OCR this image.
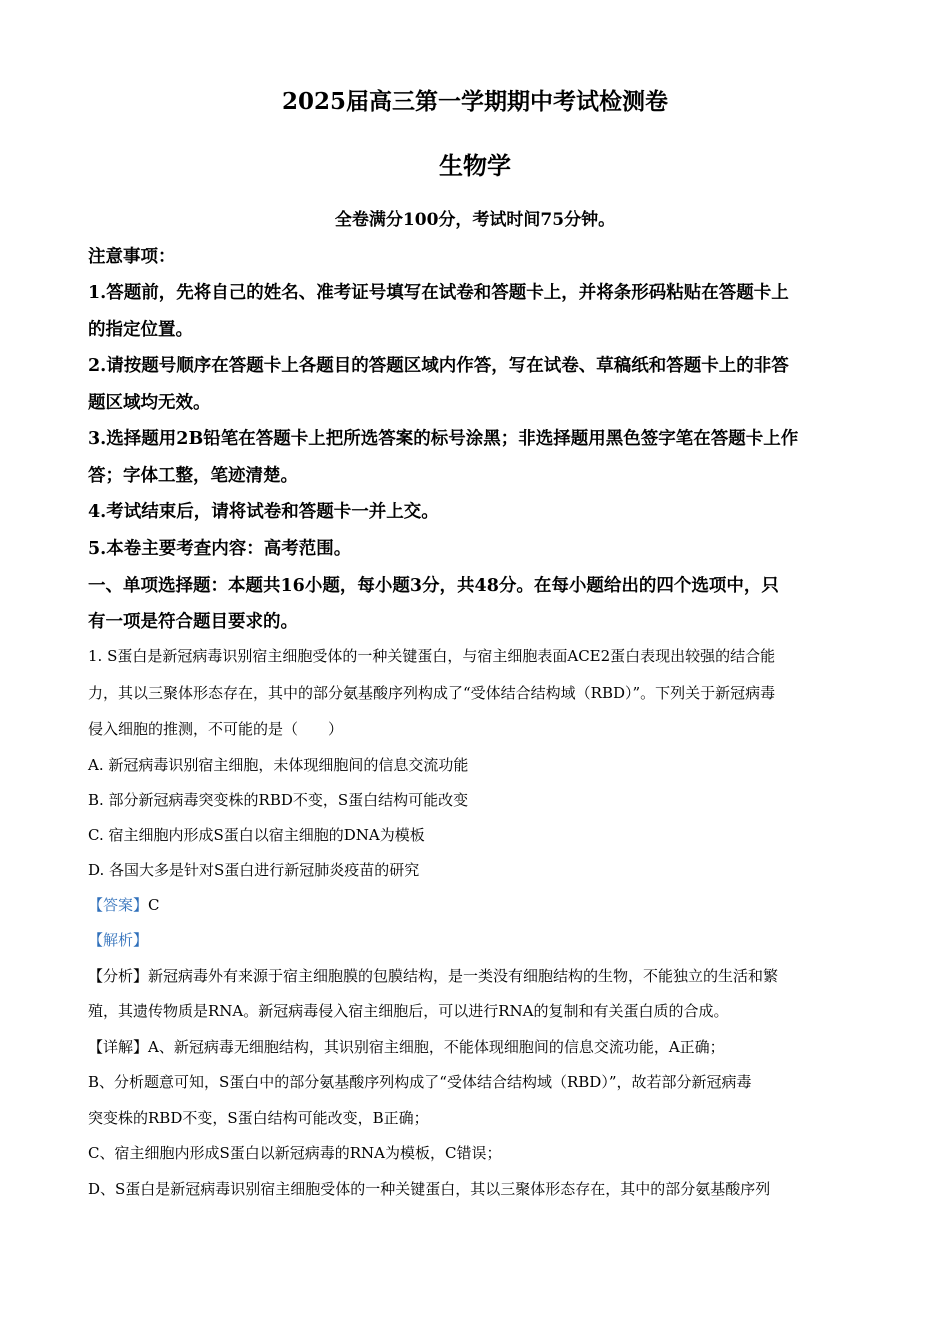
2025届高三第一学期期中考试检测卷
生物学

全卷满分100分，考试时间75分钟。

注意事项：

1.答题前，先将自己的姓名、准考证号填写在试卷和答题卡上，并将条形码粘贴在答题卡上

的指定位置。

2.请按题号顺序在答题卡上各题目的答题区域内作答，写在试卷、草稿纸和答题卡上的非答

题区域均无效。

3.选择题用2B铅笔在答题卡上把所选答案的标号涂黑；非选择题用黑色签字笔在答题卡上作

答；字体工整，笔迹清楚。

4.考试结束后，请将试卷和答题卡一并上交。

5.本卷主要考查内容：高考范围。

一、单项选择题：本题共16小题，每小题3分，共48分。在每小题给出的四个选项中，只

有一项是符合题目要求的。

1. S蛋白是新冠病毒识别宿主细胞受体的一种关键蛋白，与宿主细胞表面ACE2蛋白表现出较强的结合能

力，其以三聚体形态存在，其中的部分氨基酸序列构成了“受体结合结构域（RBD）”。下列关于新冠病毒

侵入细胞的推测，不可能的是（　　）

A. 新冠病毒识别宿主细胞，未体现细胞间的信息交流功能

B. 部分新冠病毒突变株的RBD不变，S蛋白结构可能改变

C. 宿主细胞内形成S蛋白以宿主细胞的DNA为模板

D. 各国大多是针对S蛋白进行新冠肺炎疫苗的研究

【答案】C

【解析】

【分析】新冠病毒外有来源于宿主细胞膜的包膜结构，是一类没有细胞结构的生物，不能独立的生活和繁

殖，其遗传物质是RNA。新冠病毒侵入宿主细胞后，可以进行RNA的复制和有关蛋白质的合成。

【详解】A、新冠病毒无细胞结构，其识别宿主细胞，不能体现细胞间的信息交流功能，A正确；

B、分析题意可知，S蛋白中的部分氨基酸序列构成了“受体结合结构域（RBD）”，故若部分新冠病毒

突变株的RBD不变，S蛋白结构可能改变，B正确；

C、宿主细胞内形成S蛋白以新冠病毒的RNA为模板，C错误；

D、S蛋白是新冠病毒识别宿主细胞受体的一种关键蛋白，其以三聚体形态存在，其中的部分氨基酸序列
